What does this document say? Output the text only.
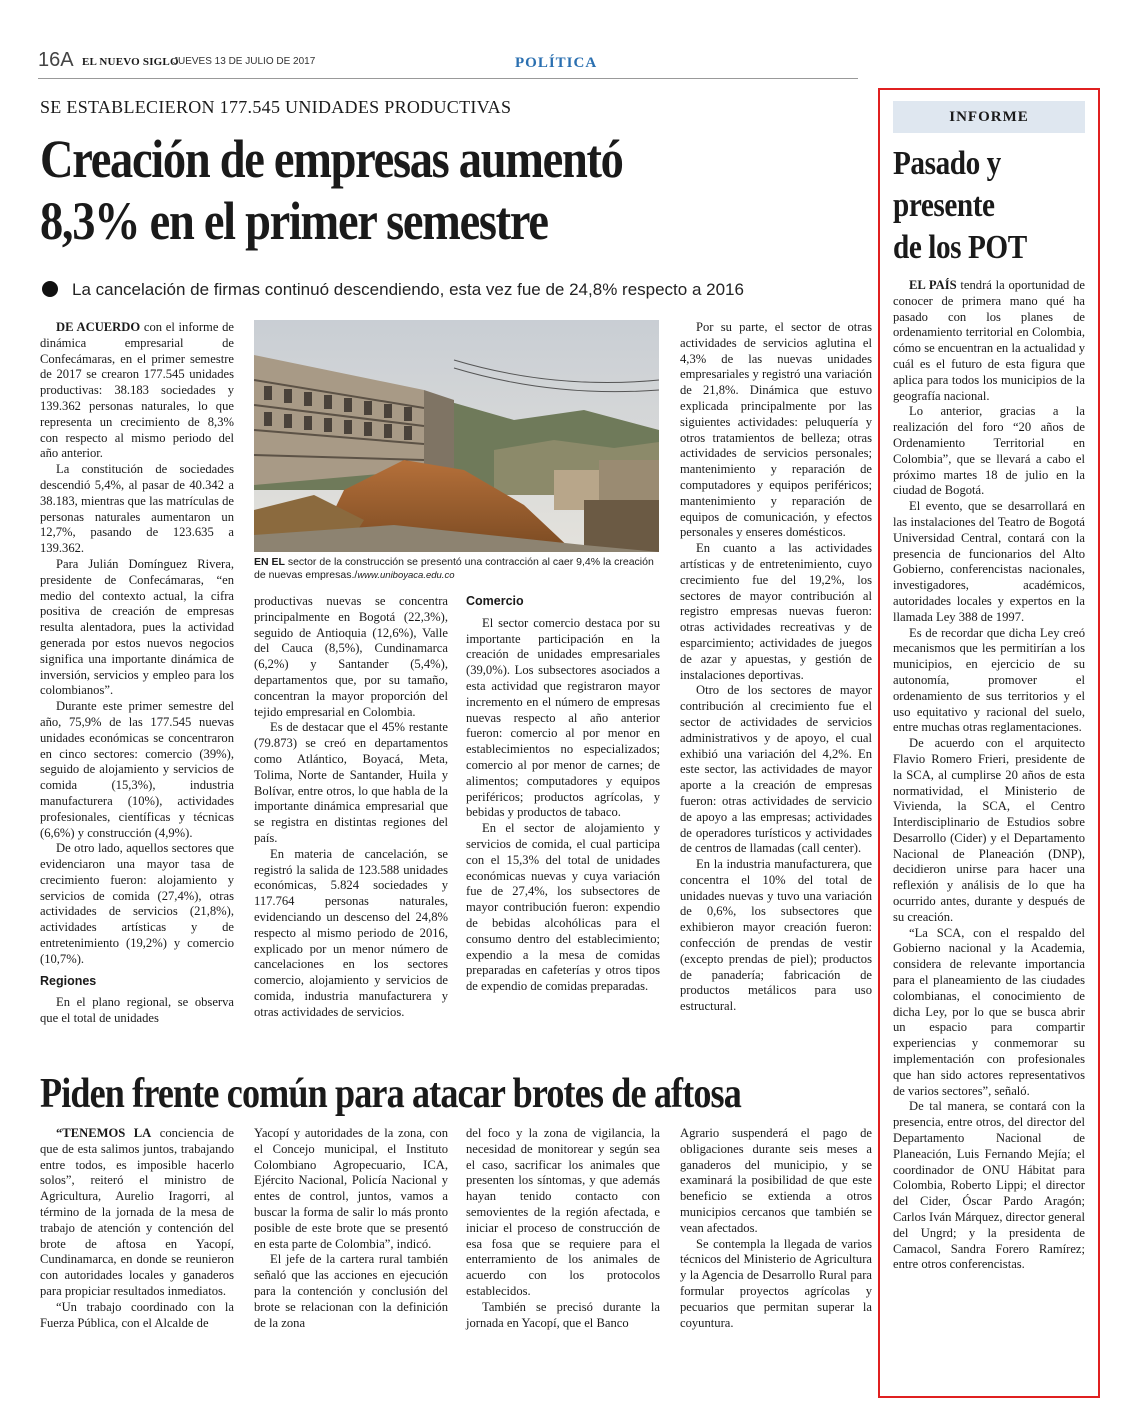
16A EL NUEVO SIGLO
JUEVES 13 DE JULIO DE 2017	POLÍTICA
SE ESTABLECIERON 177.545 UNIDADES PRODUCTIVAS
Creación de empresas aumentó
8,3% en el primer semestre
La cancelación de firmas continuó descendiendo, esta vez fue de 24,8% respecto a 2016

DE ACUERDO con el informe de dinámica empresarial de Confecámaras, en el primer semestre de 2017 se crearon 177.545 unidades productivas: 38.183 sociedades y 139.362 personas naturales, lo que representa un crecimiento de 8,3% con respecto al mismo periodo del año anterior.

La constitución de sociedades descendió 5,4%, al pasar de 40.342 a 38.183, mientras que las matrículas de personas naturales aumentaron un 12,7%, pasando de 123.635 a 139.362.

Para Julián Domínguez Rivera, presidente de Confecámaras, “en medio del contexto actual, la cifra positiva de creación de empresas resulta alentadora, pues la actividad generada por estos nuevos negocios significa una importante dinámica de inversión, servicios y empleo para los colombianos”.

Durante este primer semestre del año, 75,9% de las 177.545 nuevas unidades económicas se concentraron en cinco sectores: comercio (39%), seguido de alojamiento y servicios de comida (15,3%), industria manufacturera (10%), actividades profesionales, científicas y técnicas (6,6%) y construcción (4,9%).

De otro lado, aquellos sectores que evidenciaron una mayor tasa de crecimiento fueron: alojamiento y servicios de comida (27,4%), otras actividades de servicios (21,8%), actividades artísticas y de entretenimiento (19,2%) y comercio (10,7%).

Regiones

En el plano regional, se observa que el total de unidades

EN EL sector de la construcción se presentó una contracción al caer 9,4% la creación de nuevas empresas./www.uniboyaca.edu.co

productivas nuevas se concentra principalmente en Bogotá (22,3%), seguido de Antioquia (12,6%), Valle del Cauca (8,5%), Cundinamarca (6,2%) y Santander (5,4%), departamentos que, por su tamaño, concentran la mayor proporción del tejido empresarial en Colombia.

Es de destacar que el 45% restante (79.873) se creó en departamentos como Atlántico, Boyacá, Meta, Tolima, Norte de Santander, Huila y Bolívar, entre otros, lo que habla de la importante dinámica empresarial que se registra en distintas regiones del país.

En materia de cancelación, se registró la salida de 123.588 unidades económicas, 5.824 sociedades y 117.764 personas naturales, evidenciando un descenso del 24,8% respecto al mismo periodo de 2016, explicado por un menor número de cancelaciones en los sectores comercio, alojamiento y servicios de comida, industria manufacturera y otras actividades de servicios.

Comercio

El sector comercio destaca por su importante participación en la creación de unidades empresariales (39,0%). Los subsectores asociados a esta actividad que registraron mayor incremento en el número de empresas nuevas respecto al año anterior fueron: comercio al por menor en establecimientos no especializados; comercio al por menor de carnes; de alimentos; computadores y equipos periféricos; productos agrícolas, y bebidas y productos de tabaco.

En el sector de alojamiento y servicios de comida, el cual participa con el 15,3% del total de unidades económicas nuevas y cuya variación fue de 27,4%, los subsectores de mayor contribución fueron: expendio de bebidas alcohólicas para el consumo dentro del establecimiento; expendio a la mesa de comidas preparadas en cafeterías y otros tipos de expendio de comidas preparadas.

Por su parte, el sector de otras actividades de servicios aglutina el 4,3% de las nuevas unidades empresariales y registró una variación de 21,8%. Dinámica que estuvo explicada principalmente por las siguientes actividades: peluquería y otros tratamientos de belleza; otras actividades de servicios personales; mantenimiento y reparación de computadores y equipos periféricos; mantenimiento y reparación de equipos de comunicación, y efectos personales y enseres domésticos.

En cuanto a las actividades artísticas y de entretenimiento, cuyo crecimiento fue del 19,2%, los sectores de mayor contribución al registro empresas nuevas fueron: otras actividades recreativas y de esparcimiento; actividades de juegos de azar y apuestas, y gestión de instalaciones deportivas.

Otro de los sectores de mayor contribución al crecimiento fue el sector de actividades de servicios administrativos y de apoyo, el cual exhibió una variación del 4,2%. En este sector, las actividades de mayor aporte a la creación de empresas fueron: otras actividades de servicio de apoyo a las empresas; actividades de operadores turísticos y actividades de centros de llamadas (call center).

En la industria manufacturera, que concentra el 10% del total de unidades nuevas y tuvo una variación de 0,6%, los subsectores que exhibieron mayor creación fueron: confección de prendas de vestir (excepto prendas de piel); productos de panadería; fabricación de productos metálicos para uso estructural.

Piden frente común para atacar brotes de aftosa

“TENEMOS LA conciencia de que de esta salimos juntos, trabajando entre todos, es imposible hacerlo solos”, reiteró el ministro de Agricultura, Aurelio Iragorri, al término de la jornada de la mesa de trabajo de atención y contención del brote de aftosa en Yacopí, Cundinamarca, en donde se reunieron con autoridades locales y ganaderos para propiciar resultados inmediatos.

“Un trabajo coordinado con la Fuerza Pública, con el Alcalde de

Yacopí y autoridades de la zona, con el Concejo municipal, el Instituto Colombiano Agropecuario, ICA, Ejército Nacional, Policía Nacional y entes de control, juntos, vamos a buscar la forma de salir lo más pronto posible de este brote que se presentó en esta parte de Colombia”, indicó.

El jefe de la cartera rural también señaló que las acciones en ejecución para la contención y conclusión del brote se relacionan con la definición de la zona

del foco y la zona de vigilancia, la necesidad de monitorear y según sea el caso, sacrificar los animales que presenten los síntomas, y que además hayan tenido contacto con semovientes de la región afectada, e iniciar el proceso de construcción de esa fosa que se requiere para el enterramiento de los animales de acuerdo con los protocolos establecidos.

También se precisó durante la jornada en Yacopí, que el Banco

Agrario suspenderá el pago de obligaciones durante seis meses a ganaderos del municipio, y se examinará la posibilidad de que este beneficio se extienda a otros municipios cercanos que también se vean afectados.

Se contempla la llegada de varios técnicos del Ministerio de Agricultura y la Agencia de Desarrollo Rural para formular proyectos agrícolas y pecuarios que permitan superar la coyuntura.

INFORME
Pasado y
presente
de los POT

EL PAÍS tendrá la oportunidad de conocer de primera mano qué ha pasado con los planes de ordenamiento territorial en Colombia, cómo se encuentran en la actualidad y cuál es el futuro de esta figura que aplica para todos los municipios de la geografía nacional.

Lo anterior, gracias a la realización del foro “20 años de Ordenamiento Territorial en Colombia”, que se llevará a cabo el próximo martes 18 de julio en la ciudad de Bogotá.

El evento, que se desarrollará en las instalaciones del Teatro de Bogotá Universidad Central, contará con la presencia de funcionarios del Alto Gobierno, conferencistas nacionales, investigadores, académicos, autoridades locales y expertos en la llamada Ley 388 de 1997.

Es de recordar que dicha Ley creó mecanismos que les permitirían a los municipios, en ejercicio de su autonomía, promover el ordenamiento de sus territorios y el uso equitativo y racional del suelo, entre muchas otras reglamentaciones.

De acuerdo con el arquitecto Flavio Romero Frieri, presidente de la SCA, al cumplirse 20 años de esta normatividad, el Ministerio de Vivienda, la SCA, el Centro Interdisciplinario de Estudios sobre Desarrollo (Cider) y el Departamento Nacional de Planeación (DNP), decidieron unirse para hacer una reflexión y análisis de lo que ha ocurrido antes, durante y después de su creación.

“La SCA, con el respaldo del Gobierno nacional y la Academia, considera de relevante importancia para el planeamiento de las ciudades colombianas, el conocimiento de dicha Ley, por lo que se busca abrir un espacio para compartir experiencias y conmemorar su implementación con profesionales que han sido actores representativos de varios sectores”, señaló.

De tal manera, se contará con la presencia, entre otros, del director del Departamento Nacional de Planeación, Luis Fernando Mejía; el coordinador de ONU Hábitat para Colombia, Roberto Lippi; el director del Cider, Óscar Pardo Aragón; Carlos Iván Márquez, director general del Ungrd; y la presidenta de Camacol, Sandra Forero Ramírez; entre otros conferencistas.
